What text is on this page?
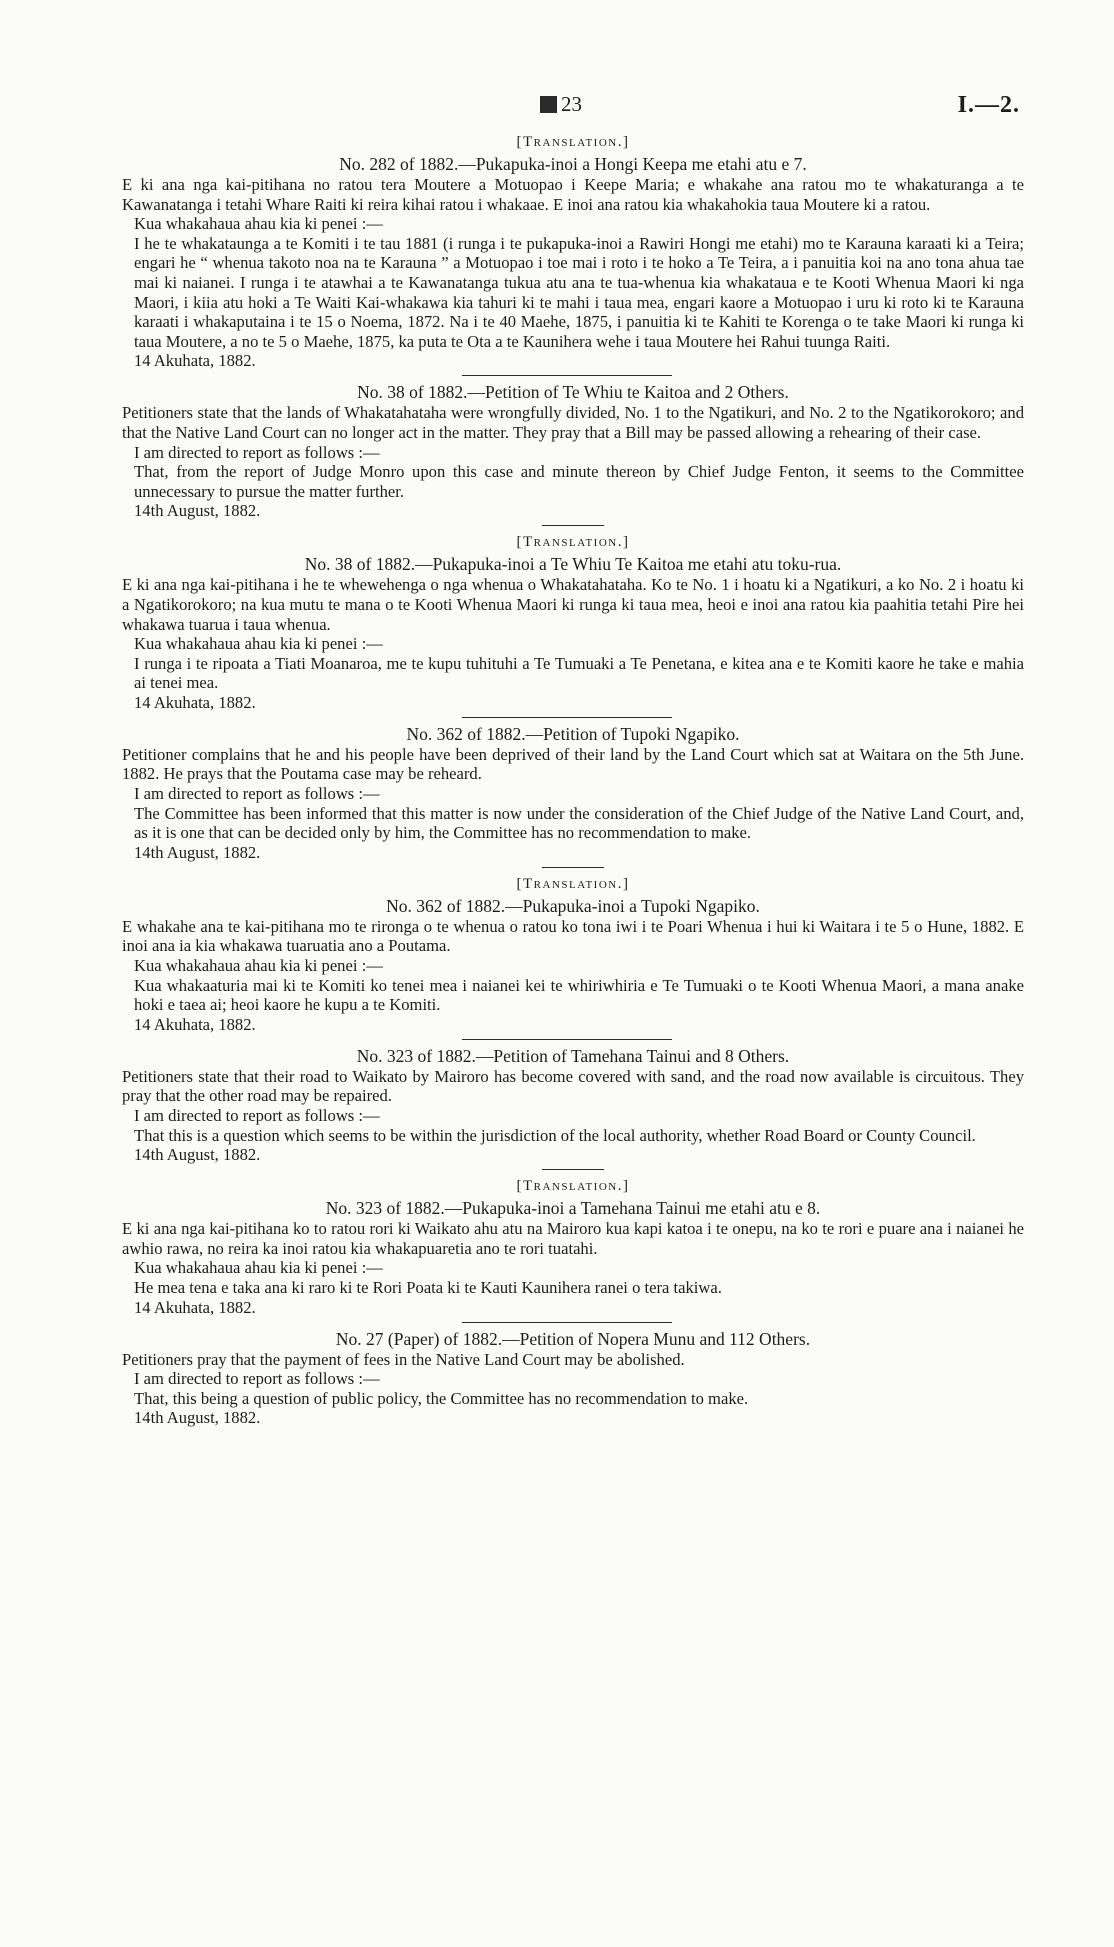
23	I.—2.

[Translation.]

No. 282 of 1882.—Pukapuka-inoi a Hongi Keepa me etahi atu e 7.

E ki ana nga kai-pitihana no ratou tera Moutere a Motuopao i Keepe Maria; e whakahe ana ratou mo te whakaturanga a te Kawanatanga i tetahi Whare Raiti ki reira kihai ratou i whakaae. E inoi ana ratou kia whakahokia taua Moutere ki a ratou.

Kua whakahaua ahau kia ki penei :—

I he te whakataunga a te Komiti i te tau 1881 (i runga i te pukapuka-inoi a Rawiri Hongi me etahi) mo te Karauna karaati ki a Teira; engari he “ whenua takoto noa na te Karauna ” a Motuopao i toe mai i roto i te hoko a Te Teira, a i panuitia koi na ano tona ahua tae mai ki naianei. I runga i te atawhai a te Kawanatanga tukua atu ana te tua-whenua kia whakataua e te Kooti Whenua Maori ki nga Maori, i kiia atu hoki a Te Waiti Kai-whakawa kia tahuri ki te mahi i taua mea, engari kaore a Motuopao i uru ki roto ki te Karauna karaati i whakaputaina i te 15 o Noema, 1872. Na i te 40 Maehe, 1875, i panuitia ki te Kahiti te Korenga o te take Maori ki runga ki taua Moutere, a no te 5 o Maehe, 1875, ka puta te Ota a te Kaunihera wehe i taua Moutere hei Rahui tuunga Raiti.

14 Akuhata, 1882.

No. 38 of 1882.—Petition of Te Whiu te Kaitoa and 2 Others.

Petitioners state that the lands of Whakatahataha were wrongfully divided, No. 1 to the Ngatikuri, and No. 2 to the Ngatikorokoro; and that the Native Land Court can no longer act in the matter. They pray that a Bill may be passed allowing a rehearing of their case.

I am directed to report as follows :—

That, from the report of Judge Monro upon this case and minute thereon by Chief Judge Fenton, it seems to the Committee unnecessary to pursue the matter further.

14th August, 1882.

[Translation.]

No. 38 of 1882.—Pukapuka-inoi a Te Whiu Te Kaitoa me etahi atu toku-rua.

E ki ana nga kai-pitihana i he te whewehenga o nga whenua o Whakatahataha. Ko te No. 1 i hoatu ki a Ngatikuri, a ko No. 2 i hoatu ki a Ngatikorokoro; na kua mutu te mana o te Kooti Whenua Maori ki runga ki taua mea, heoi e inoi ana ratou kia paahitia tetahi Pire hei whakawa tuarua i taua whenua.

Kua whakahaua ahau kia ki penei :—

I runga i te ripoata a Tiati Moanaroa, me te kupu tuhituhi a Te Tumuaki a Te Penetana, e kitea ana e te Komiti kaore he take e mahia ai tenei mea.

14 Akuhata, 1882.

No. 362 of 1882.—Petition of Tupoki Ngapiko.

Petitioner complains that he and his people have been deprived of their land by the Land Court which sat at Waitara on the 5th June. 1882. He prays that the Poutama case may be reheard.

I am directed to report as follows :—

The Committee has been informed that this matter is now under the consideration of the Chief Judge of the Native Land Court, and, as it is one that can be decided only by him, the Committee has no recommendation to make.

14th August, 1882.

[Translation.]

No. 362 of 1882.—Pukapuka-inoi a Tupoki Ngapiko.

E whakahe ana te kai-pitihana mo te rironga o te whenua o ratou ko tona iwi i te Poari Whenua i hui ki Waitara i te 5 o Hune, 1882. E inoi ana ia kia whakawa tuaruatia ano a Poutama.

Kua whakahaua ahau kia ki penei :—

Kua whakaaturia mai ki te Komiti ko tenei mea i naianei kei te whiriwhiria e Te Tumuaki o te Kooti Whenua Maori, a mana anake hoki e taea ai; heoi kaore he kupu a te Komiti.

14 Akuhata, 1882.

No. 323 of 1882.—Petition of Tamehana Tainui and 8 Others.

Petitioners state that their road to Waikato by Mairoro has become covered with sand, and the road now available is circuitous. They pray that the other road may be repaired.

I am directed to report as follows :—

That this is a question which seems to be within the jurisdiction of the local authority, whether Road Board or County Council.

14th August, 1882.

[Translation.]

No. 323 of 1882.—Pukapuka-inoi a Tamehana Tainui me etahi atu e 8.

E ki ana nga kai-pitihana ko to ratou rori ki Waikato ahu atu na Mairoro kua kapi katoa i te onepu, na ko te rori e puare ana i naianei he awhio rawa, no reira ka inoi ratou kia whakapuaretia ano te rori tuatahi.

Kua whakahaua ahau kia ki penei :—

He mea tena e taka ana ki raro ki te Rori Poata ki te Kauti Kaunihera ranei o tera takiwa.

14 Akuhata, 1882.

No. 27 (Paper) of 1882.—Petition of Nopera Munu and 112 Others.

Petitioners pray that the payment of fees in the Native Land Court may be abolished.

I am directed to report as follows :—

That, this being a question of public policy, the Committee has no recommendation to make.

14th August, 1882.
